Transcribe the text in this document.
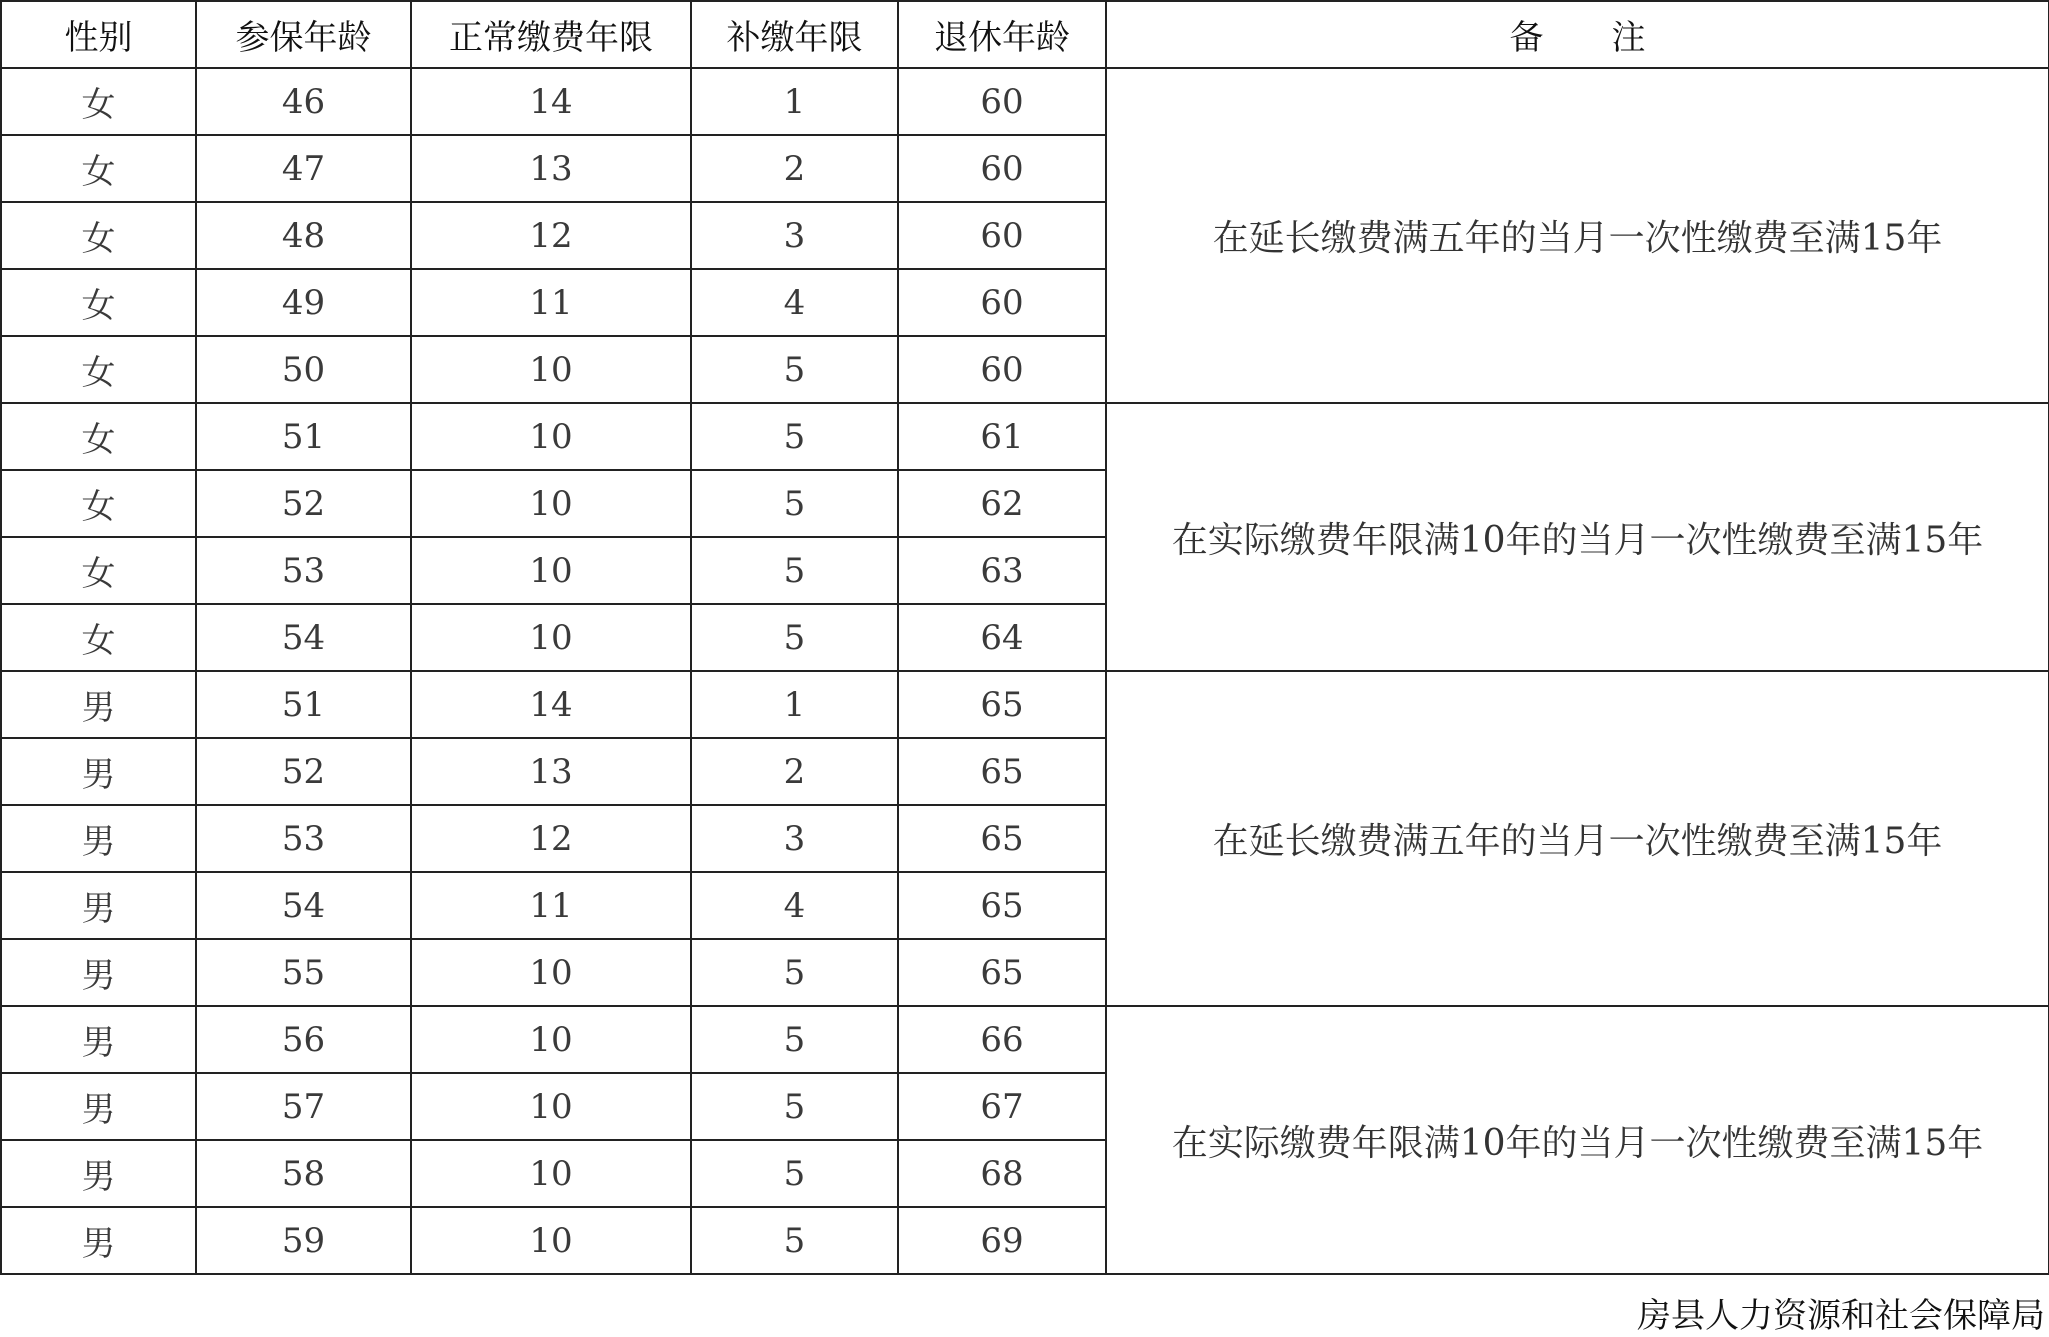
性别	参保年龄	正常缴费年限	补缴年限	退休年龄	备　　注
女	46	14	1	60	在延长缴费满五年的当月一次性缴费至满15年
女	47	13	2	60	
女	48	12	3	60	
女	49	11	4	60	
女	50	10	5	60	
女	51	10	5	61	在实际缴费年限满10年的当月一次性缴费至满15年
女	52	10	5	62	
女	53	10	5	63	
女	54	10	5	64	
男	51	14	1	65	在延长缴费满五年的当月一次性缴费至满15年
男	52	13	2	65	
男	53	12	3	65	
男	54	11	4	65	
男	55	10	5	65	
男	56	10	5	66	在实际缴费年限满10年的当月一次性缴费至满15年
男	57	10	5	67	
男	58	10	5	68	
男	59	10	5	69	
房县人力资源和社会保障局
